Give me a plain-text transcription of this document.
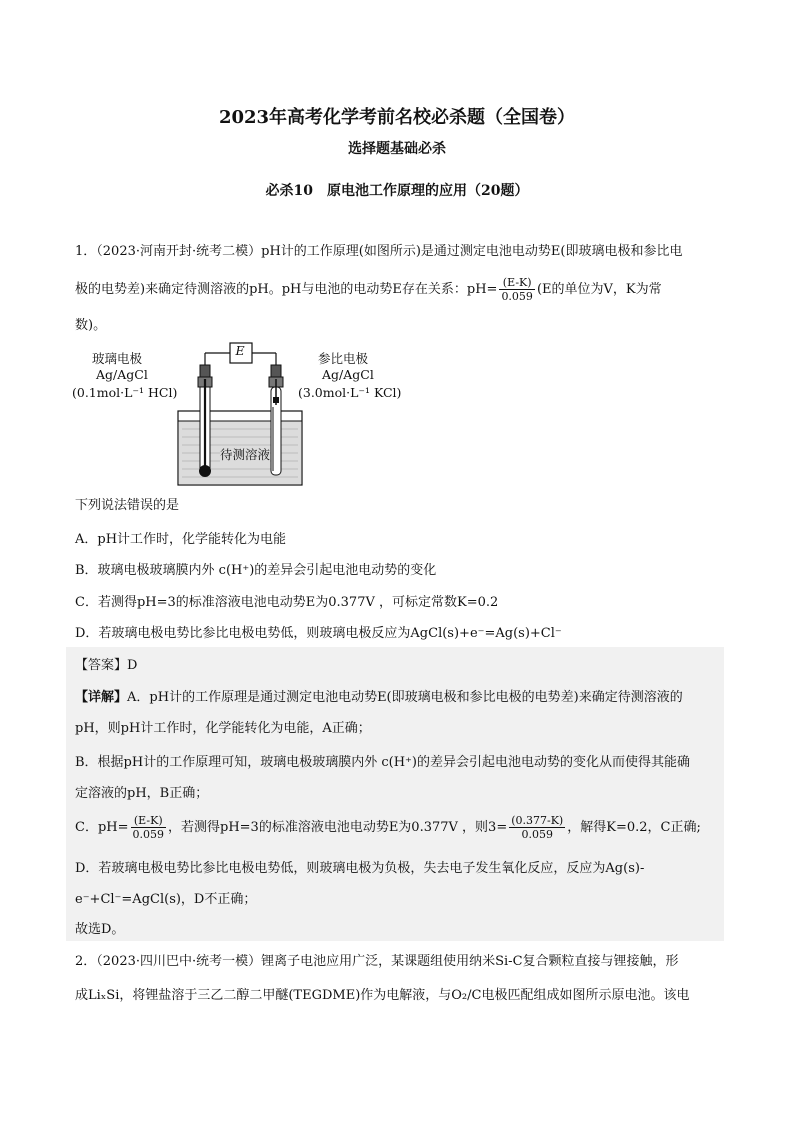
2023年高考化学考前名校必杀题（全国卷）
选择题基础必杀
必杀10　原电池工作原理的应用（20题）
1．（2023·河南开封·统考二模）pH计的工作原理(如图所示)是通过测定电池电动势E(即玻璃电极和参比电
极的电势差)来确定待测溶液的pH。pH与电池的电动势E存在关系：$pH= \frac{(E-K)}{0.059} (E$的单位为V，K为常
数)。
玻璃电极
Ag/AgCl
(0.1mol·L⁻¹ HCl)
参比电极
Ag/AgCl
(3.0mol·L⁻¹ KCl)
E
待测溶液
下列说法错误的是
A．pH计工作时，化学能转化为电能
B．玻璃电极玻璃膜内外 c(H⁺)的差异会引起电池电动势的变化
C．若测得pH=3的标准溶液电池电动势E为0.377V ，可标定常数K=0.2
D．若玻璃电极电势比参比电极电势低，则玻璃电极反应为AgCl(s)+e⁻=Ag(s)+Cl⁻
【答案】D
【详解】A．pH计的工作原理是通过测定电池电动势E(即玻璃电极和参比电极的电势差)来确定待测溶液的
pH，则pH计工作时，化学能转化为电能，A正确；
B．根据pH计的工作原理可知，玻璃电极玻璃膜内外 c(H⁺)的差异会引起电池电动势的变化从而使得其能确
定溶液的pH，B正确；
C．$pH= \frac{(E-K)}{0.059}$ ，若测得pH=3的标准溶液电池电动势E为0.377V ，则$3= \frac{(0.377-K)}{0.059}$ ，解得K=0.2，C正确;
D．若玻璃电极电势比参比电极电势低，则玻璃电极为负极，失去电子发生氧化反应，反应为Ag(s)-
e⁻+Cl⁻=AgCl(s)，D不正确；
故选D。
2．（2023·四川巴中·统考一模）锂离子电池应用广泛，某课题组使用纳米Si-C复合颗粒直接与锂接触，形
成LiₓSi，将锂盐溶于三乙二醇二甲醚(TEGDME)作为电解液，与O₂/C电极匹配组成如图所示原电池。该电
